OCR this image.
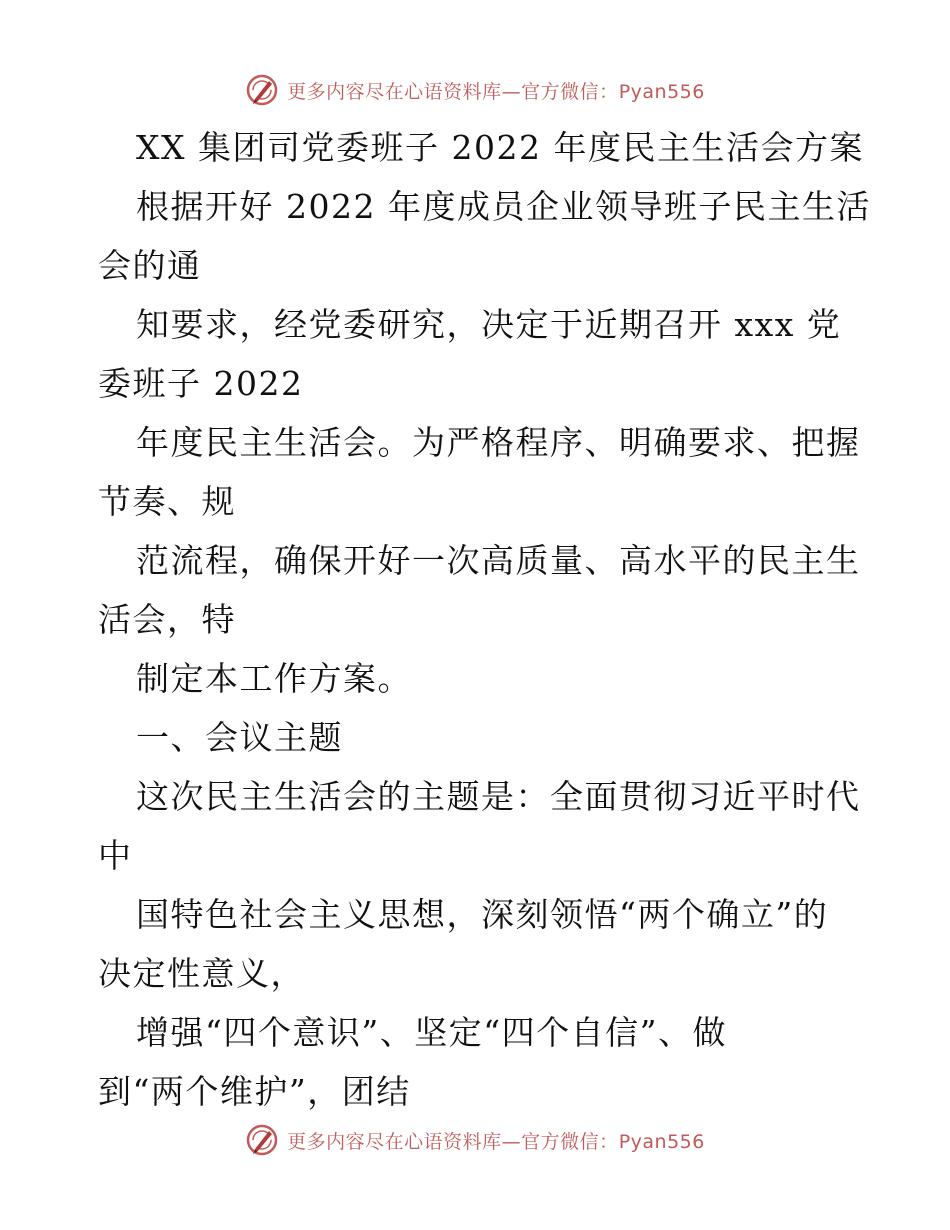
更多内容尽在心语资料库—官方微信：Pyan556
XX 集团司党委班子 2022 年度民主生活会方案
根据开好 2022 年度成员企业领导班子民主生活
会的通
知要求，经党委研究，决定于近期召开 xxx 党
委班子 2022
年度民主生活会。为严格程序、明确要求、把握
节奏、规
范流程，确保开好一次高质量、高水平的民主生
活会，特
制定本工作方案。
一、会议主题
这次民主生活会的主题是：全面贯彻习近平时代
中
国特色社会主义思想，深刻领悟“两个确立”的
决定性意义，
增强“四个意识”、坚定“四个自信”、做
到“两个维护”，团结
更多内容尽在心语资料库—官方微信：Pyan556
